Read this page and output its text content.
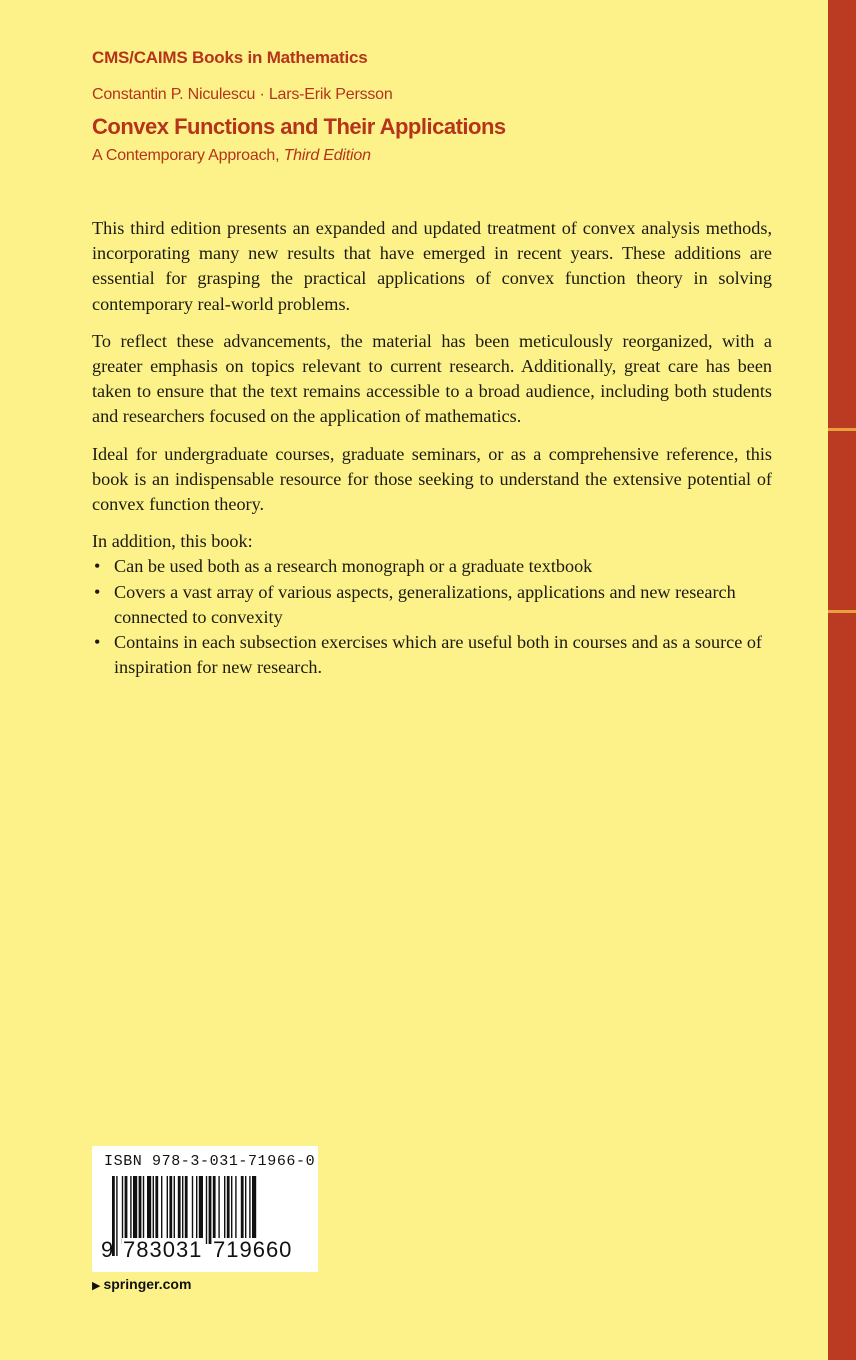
CMS/CAIMS Books in Mathematics
Constantin P. Niculescu · Lars-Erik Persson
Convex Functions and Their Applications
A Contemporary Approach, Third Edition

This third edition presents an expanded and updated treatment of convex analysis methods, incorporating many new results that have emerged in recent years. These additions are essential for grasping the practical applications of convex function theory in solving contemporary real-world problems.

To reflect these advancements, the material has been meticulously reorganized, with a greater emphasis on topics relevant to current research. Additionally, great care has been taken to ensure that the text remains accessible to a broad audience, including both students and researchers focused on the application of mathematics.

Ideal for undergraduate courses, graduate seminars, or as a comprehensive reference, this book is an indispensable resource for those seeking to understand the extensive potential of convex function theory.

In addition, this book:

• Can be used both as a research monograph or a graduate textbook
• Covers a vast array of various aspects, generalizations, applications and new research connected to convexity
• Contains in each subsection exercises which are useful both in courses and as a source of inspiration for new research.
ISBN 978-3-031-71966-0
9 783031 719660
▶ springer.com
